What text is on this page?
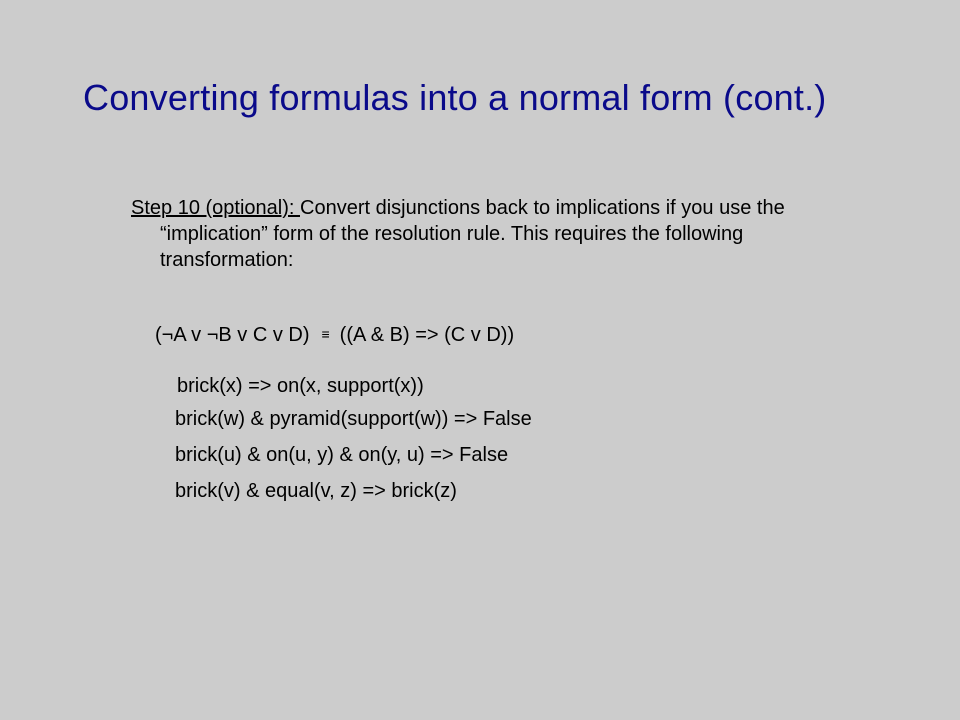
Converting formulas into a normal form (cont.)
Step 10 (optional): Convert disjunctions back to implications if you use the
“implication” form of the resolution rule. This requires the following
transformation:
(¬A v ¬B v C v D) ≡ ((A & B) => (C v D))
brick(x) => on(x, support(x))
brick(w) & pyramid(support(w)) => False
brick(u) & on(u, y) & on(y, u) => False
brick(v) & equal(v, z) => brick(z)
